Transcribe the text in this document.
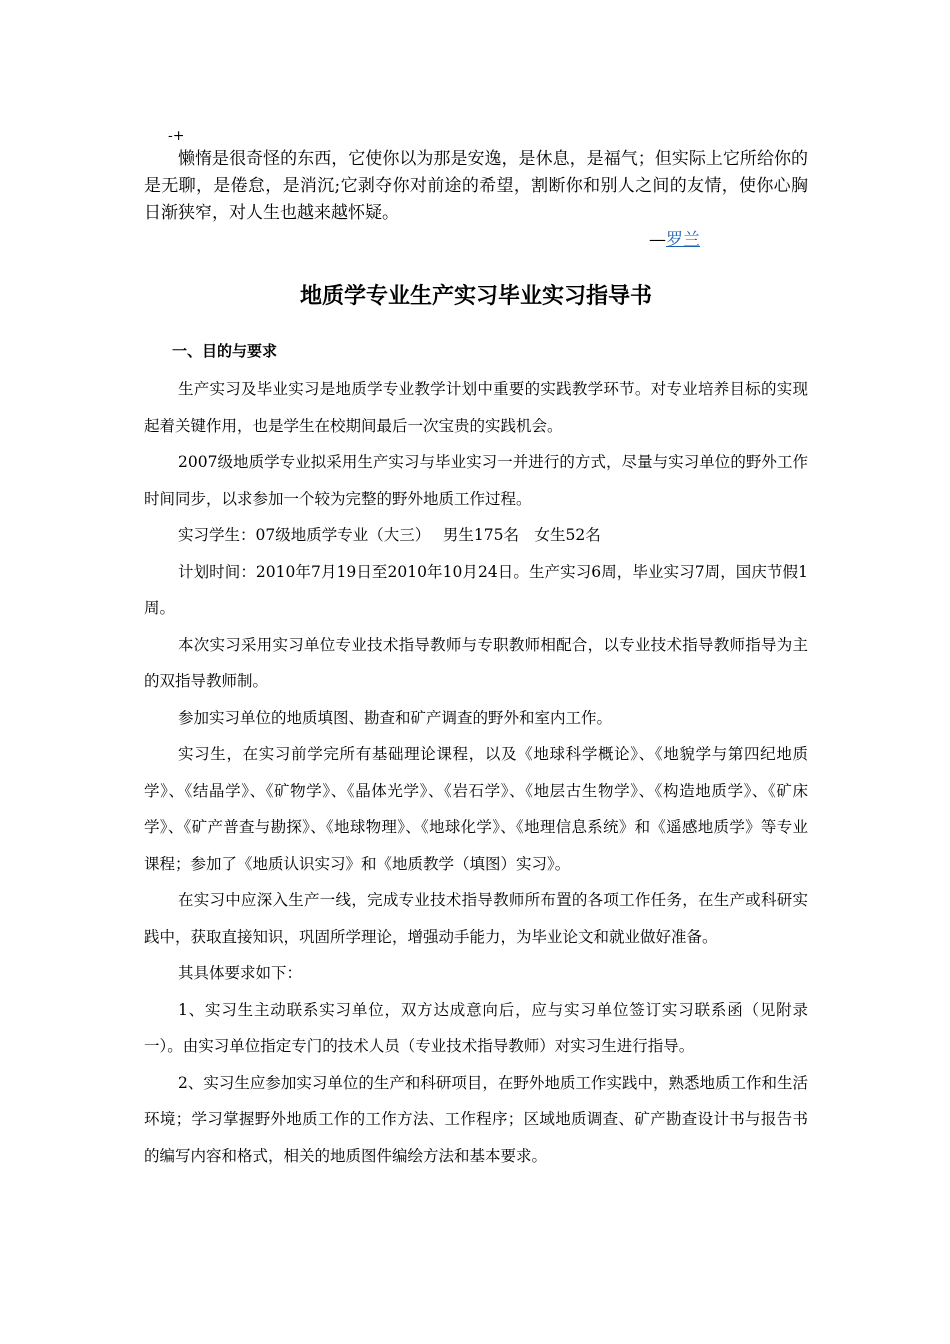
-+

懒惰是很奇怪的东西，它使你以为那是安逸，是休息，是福气；但实际上它所给你的是无聊，是倦怠，是消沉;它剥夺你对前途的希望，割断你和别人之间的友情，使你心胸日渐狭窄，对人生也越来越怀疑。

—罗兰

地质学专业生产实习毕业实习指导书
一、目的与要求

生产实习及毕业实习是地质学专业教学计划中重要的实践教学环节。对专业培养目标的实现起着关键作用，也是学生在校期间最后一次宝贵的实践机会。

2007级地质学专业拟采用生产实习与毕业实习一并进行的方式，尽量与实习单位的野外工作时间同步，以求参加一个较为完整的野外地质工作过程。

实习学生：07级地质学专业（大三）　 男生175名　女生52名

计划时间：2010年7月19日至2010年10月24日。生产实习6周，毕业实习7周，国庆节假1周。

本次实习采用实习单位专业技术指导教师与专职教师相配合，以专业技术指导教师指导为主的双指导教师制。

参加实习单位的地质填图、勘查和矿产调查的野外和室内工作。

实习生，在实习前学完所有基础理论课程，以及《地球科学概论》、《地貌学与第四纪地质学》、《结晶学》、《矿物学》、《晶体光学》、《岩石学》、《地层古生物学》、《构造地质学》、《矿床学》、《矿产普查与勘探》、《地球物理》、《地球化学》、《地理信息系统》和《遥感地质学》等专业课程；参加了《地质认识实习》和《地质教学（填图）实习》。

在实习中应深入生产一线，完成专业技术指导教师所布置的各项工作任务，在生产或科研实践中，获取直接知识，巩固所学理论，增强动手能力，为毕业论文和就业做好准备。

其具体要求如下：

1、实习生主动联系实习单位，双方达成意向后，应与实习单位签订实习联系函（见附录一）。由实习单位指定专门的技术人员（专业技术指导教师）对实习生进行指导。

2、实习生应参加实习单位的生产和科研项目，在野外地质工作实践中，熟悉地质工作和生活环境；学习掌握野外地质工作的工作方法、工作程序；区域地质调查、矿产勘查设计书与报告书的编写内容和格式，相关的地质图件编绘方法和基本要求。
